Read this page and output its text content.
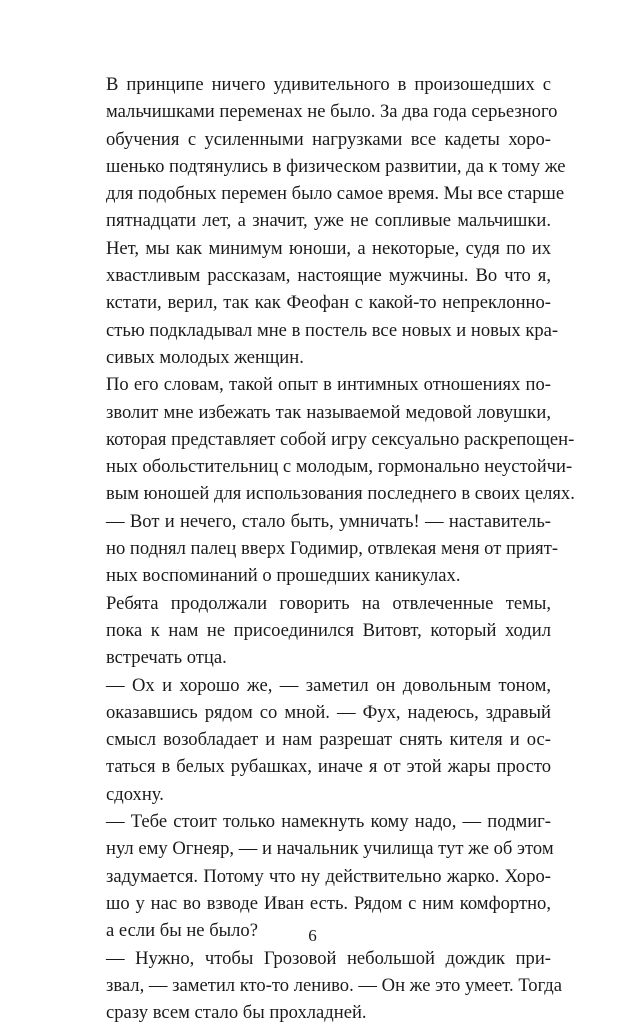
В принципе ничего удивительного в произошедших с
мальчишками переменах не было. За два года серьезного
обучения с усиленными нагрузками все кадеты хоро-
шенько подтянулись в физическом развитии, да к тому же
для подобных перемен было самое время. Мы все старше
пятнадцати лет, а значит, уже не сопливые мальчишки.
Нет, мы как минимум юноши, а некоторые, судя по их
хвастливым рассказам, настоящие мужчины. Во что я,
кстати, верил, так как Феофан с какой-то непреклонно-
стью подкладывал мне в постель все новых и новых кра-
сивых молодых женщин.

По его словам, такой опыт в интимных отношениях по-
зволит мне избежать так называемой медовой ловушки,
которая представляет собой игру сексуально раскрепощен-
ных обольстительниц с молодым, гормонально неустойчи-
вым юношей для использования последнего в своих целях.

— Вот и нечего, стало быть, умничать! — наставитель-
но поднял палец вверх Годимир, отвлекая меня от прият-
ных воспоминаний о прошедших каникулах.

Ребята продолжали говорить на отвлеченные темы,
пока к нам не присоединился Витовт, который ходил
встречать отца.

— Ох и хорошо же, — заметил он довольным тоном,
оказавшись рядом со мной. — Фух, надеюсь, здравый
смысл возобладает и нам разрешат снять кителя и ос-
таться в белых рубашках, иначе я от этой жары просто
сдохну.

— Тебе стоит только намекнуть кому надо, — подмиг-
нул ему Огнеяр, — и начальник училища тут же об этом
задумается. Потому что ну действительно жарко. Хоро-
шо у нас во взводе Иван есть. Рядом с ним комфортно,
а если бы не было?

— Нужно, чтобы Грозовой небольшой дождик при-
звал, — заметил кто-то лениво. — Он же это умеет. Тогда
сразу всем стало бы прохладней.

6
